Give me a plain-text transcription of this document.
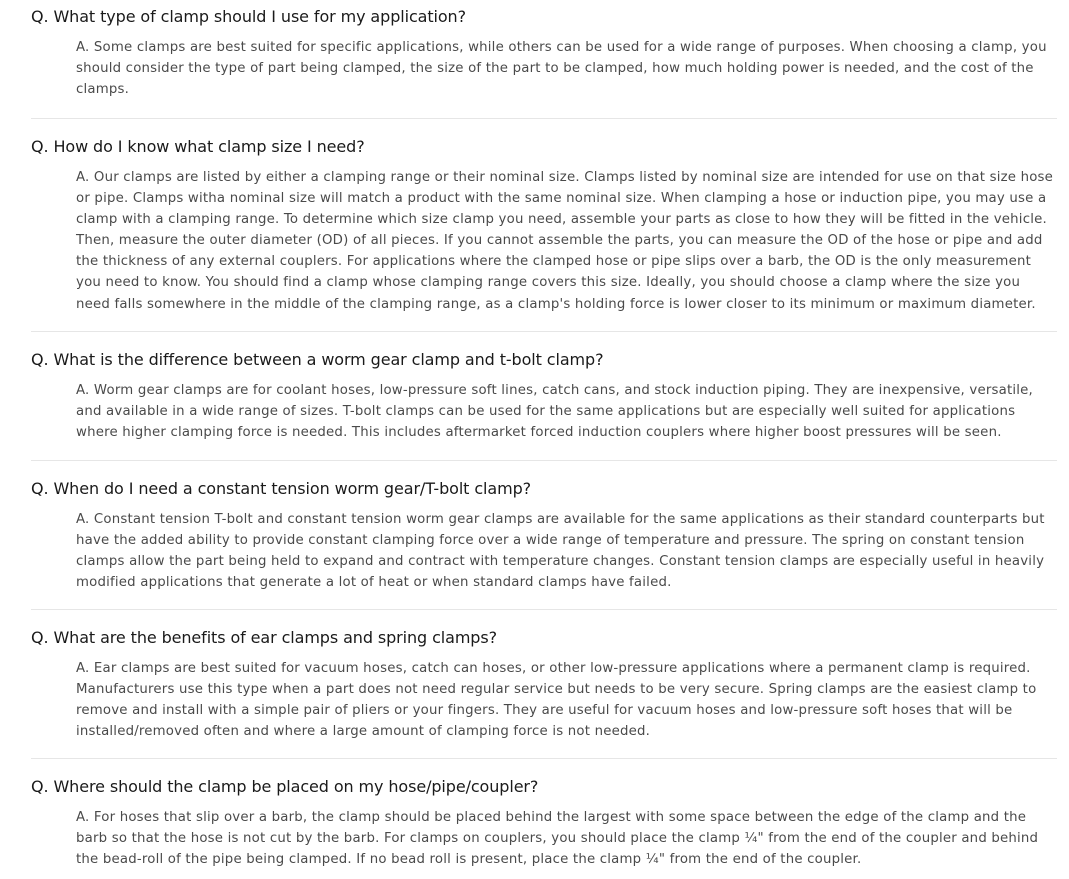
Q. What type of clamp should I use for my application?

A. Some clamps are best suited for specific applications, while others can be used for a wide range of purposes. When choosing a clamp, you should consider the type of part being clamped, the size of the part to be clamped, how much holding power is needed, and the cost of the clamps.

Q. How do I know what clamp size I need?

A. Our clamps are listed by either a clamping range or their nominal size. Clamps listed by nominal size are intended for use on that size hose or pipe. Clamps witha nominal size will match a product with the same nominal size. When clamping a hose or induction pipe, you may use a clamp with a clamping range. To determine which size clamp you need, assemble your parts as close to how they will be fitted in the vehicle. Then, measure the outer diameter (OD) of all pieces. If you cannot assemble the parts, you can measure the OD of the hose or pipe and add the thickness of any external couplers. For applications where the clamped hose or pipe slips over a barb, the OD is the only measurement you need to know. You should find a clamp whose clamping range covers this size. Ideally, you should choose a clamp where the size you need falls somewhere in the middle of the clamping range, as a clamp's holding force is lower closer to its minimum or maximum diameter.

Q. What is the difference between a worm gear clamp and t-bolt clamp?

A. Worm gear clamps are for coolant hoses, low-pressure soft lines, catch cans, and stock induction piping. They are inexpensive, versatile, and available in a wide range of sizes. T-bolt clamps can be used for the same applications but are especially well suited for applications where higher clamping force is needed. This includes aftermarket forced induction couplers where higher boost pressures will be seen.

Q. When do I need a constant tension worm gear/T-bolt clamp?

A. Constant tension T-bolt and constant tension worm gear clamps are available for the same applications as their standard counterparts but have the added ability to provide constant clamping force over a wide range of temperature and pressure. The spring on constant tension clamps allow the part being held to expand and contract with temperature changes. Constant tension clamps are especially useful in heavily modified applications that generate a lot of heat or when standard clamps have failed.

Q. What are the benefits of ear clamps and spring clamps?

A. Ear clamps are best suited for vacuum hoses, catch can hoses, or other low-pressure applications where a permanent clamp is required. Manufacturers use this type when a part does not need regular service but needs to be very secure. Spring clamps are the easiest clamp to remove and install with a simple pair of pliers or your fingers. They are useful for vacuum hoses and low-pressure soft hoses that will be installed/removed often and where a large amount of clamping force is not needed.

Q. Where should the clamp be placed on my hose/pipe/coupler?

A. For hoses that slip over a barb, the clamp should be placed behind the largest with some space between the edge of the clamp and the barb so that the hose is not cut by the barb. For clamps on couplers, you should place the clamp ¼" from the end of the coupler and behind the bead-roll of the pipe being clamped. If no bead roll is present, place the clamp ¼" from the end of the coupler.
